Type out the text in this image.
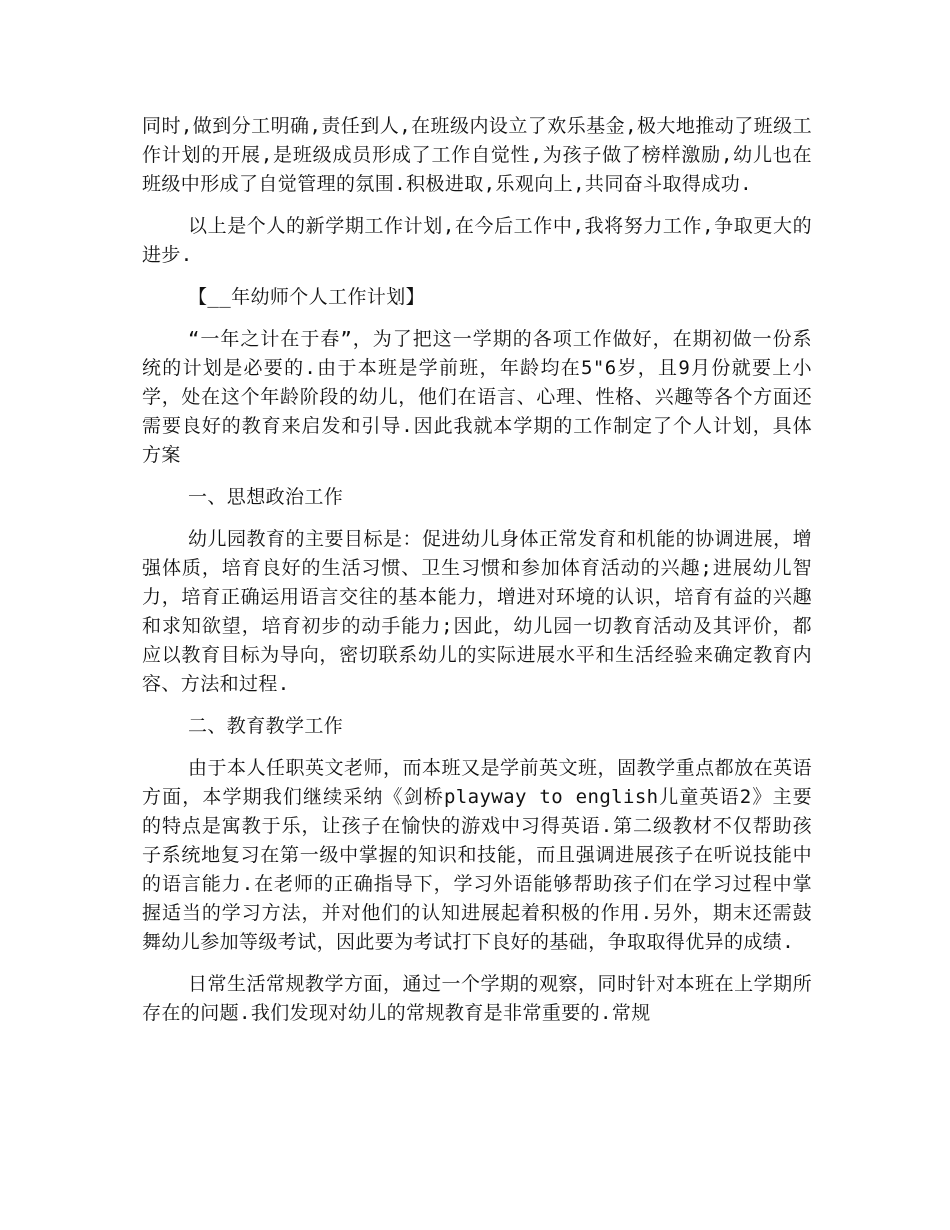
同时,做到分工明确,责任到人,在班级内设立了欢乐基金,极大地推动了班级工作计划的开展,是班级成员形成了工作自觉性,为孩子做了榜样激励,幼儿也在班级中形成了自觉管理的氛围.积极进取,乐观向上,共同奋斗取得成功.

以上是个人的新学期工作计划,在今后工作中,我将努力工作,争取更大的进步.

【__年幼师个人工作计划】

“一年之计在于春”，为了把这一学期的各项工作做好，在期初做一份系统的计划是必要的.由于本班是学前班，年龄均在5"6岁，且9月份就要上小学，处在这个年龄阶段的幼儿，他们在语言、心理、性格、兴趣等各个方面还需要良好的教育来启发和引导.因此我就本学期的工作制定了个人计划，具体方案

一、思想政治工作

幼儿园教育的主要目标是：促进幼儿身体正常发育和机能的协调进展，增强体质，培育良好的生活习惯、卫生习惯和参加体育活动的兴趣;进展幼儿智力，培育正确运用语言交往的基本能力，增进对环境的认识，培育有益的兴趣和求知欲望，培育初步的动手能力;因此，幼儿园一切教育活动及其评价，都应以教育目标为导向，密切联系幼儿的实际进展水平和生活经验来确定教育内容、方法和过程.

二、教育教学工作

由于本人任职英文老师，而本班又是学前英文班，固教学重点都放在英语方面，本学期我们继续采纳《剑桥playway to english儿童英语2》主要的特点是寓教于乐，让孩子在愉快的游戏中习得英语.第二级教材不仅帮助孩子系统地复习在第一级中掌握的知识和技能，而且强调进展孩子在听说技能中的语言能力.在老师的正确指导下，学习外语能够帮助孩子们在学习过程中掌握适当的学习方法，并对他们的认知进展起着积极的作用.另外，期末还需鼓舞幼儿参加等级考试，因此要为考试打下良好的基础，争取取得优异的成绩.

日常生活常规教学方面，通过一个学期的观察，同时针对本班在上学期所存在的问题.我们发现对幼儿的常规教育是非常重要的.常规
